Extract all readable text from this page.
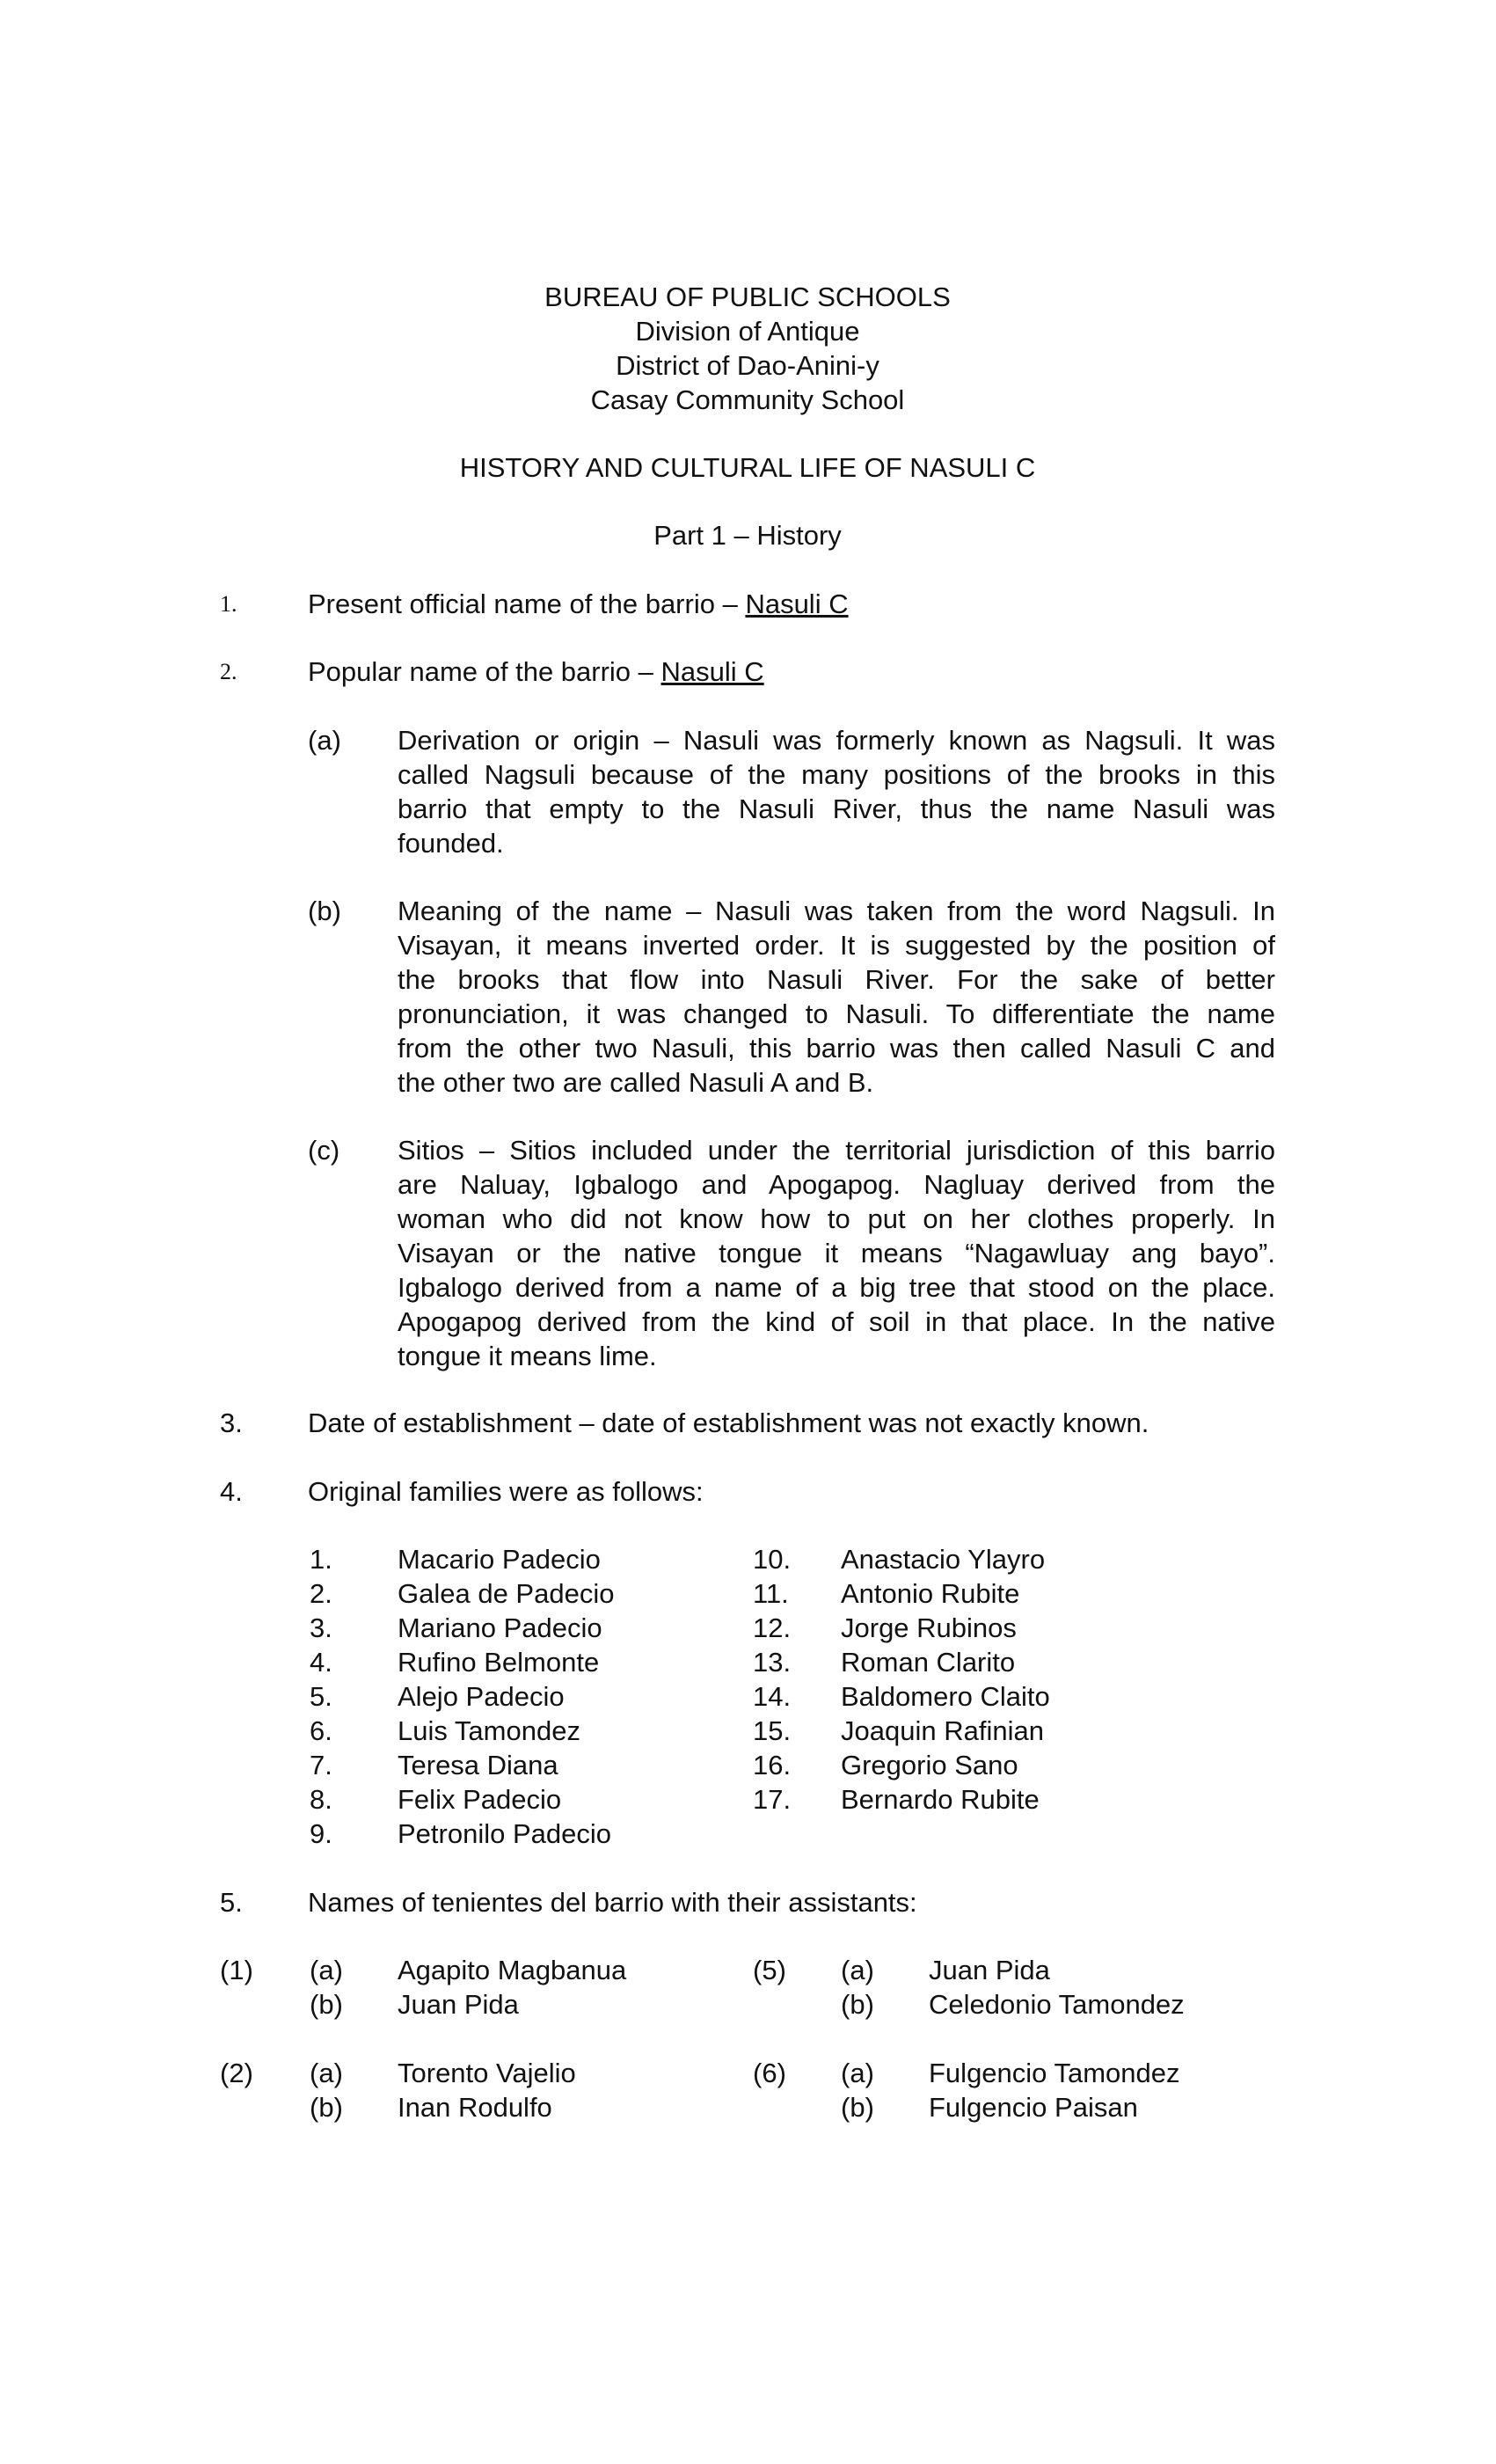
BUREAU OF PUBLIC SCHOOLS
Division of Antique
District of Dao-Anini-y
Casay Community School
HISTORY AND CULTURAL LIFE OF NASULI C
Part 1 – History
1.	Present official name of the barrio – Nasuli C
2.	Popular name of the barrio – Nasuli C
(a)	Derivation or origin – Nasuli was formerly known as Nagsuli. It was
called Nagsuli because of the many positions of the brooks in this
barrio that empty to the Nasuli River, thus the name Nasuli was
founded.
(b)	Meaning of the name – Nasuli was taken from the word Nagsuli. In
Visayan, it means inverted order. It is suggested by the position of
the brooks that flow into Nasuli River. For the sake of better
pronunciation, it was changed to Nasuli. To differentiate the name
from the other two Nasuli, this barrio was then called Nasuli C and
the other two are called Nasuli A and B.
(c)	Sitios – Sitios included under the territorial jurisdiction of this barrio
are Naluay, Igbalogo and Apogapog. Nagluay derived from the
woman who did not know how to put on her clothes properly. In
Visayan or the native tongue it means “Nagawluay ang bayo”.
Igbalogo derived from a name of a big tree that stood on the place.
Apogapog derived from the kind of soil in that place. In the native
tongue it means lime.
3.	Date of establishment – date of establishment was not exactly known.
4.	Original families were as follows:
1.	Macario Padecio
2.	Galea de Padecio
3.	Mariano Padecio
4.	Rufino Belmonte
5.	Alejo Padecio
6.	Luis Tamondez
7.	Teresa Diana
8.	Felix Padecio
9.	Petronilo Padecio
10.	Anastacio Ylayro
11.	Antonio Rubite
12.	Jorge Rubinos
13.	Roman Clarito
14.	Baldomero Claito
15.	Joaquin Rafinian
16.	Gregorio Sano
17.	Bernardo Rubite
5.	Names of tenientes del barrio with their assistants:
(1) (a) Agapito Magbanua
(b) Juan Pida
(5) (a) Juan Pida
(b) Celedonio Tamondez
(2) (a) Torento Vajelio
(b) Inan Rodulfo
(6) (a) Fulgencio Tamondez
(b) Fulgencio Paisan
